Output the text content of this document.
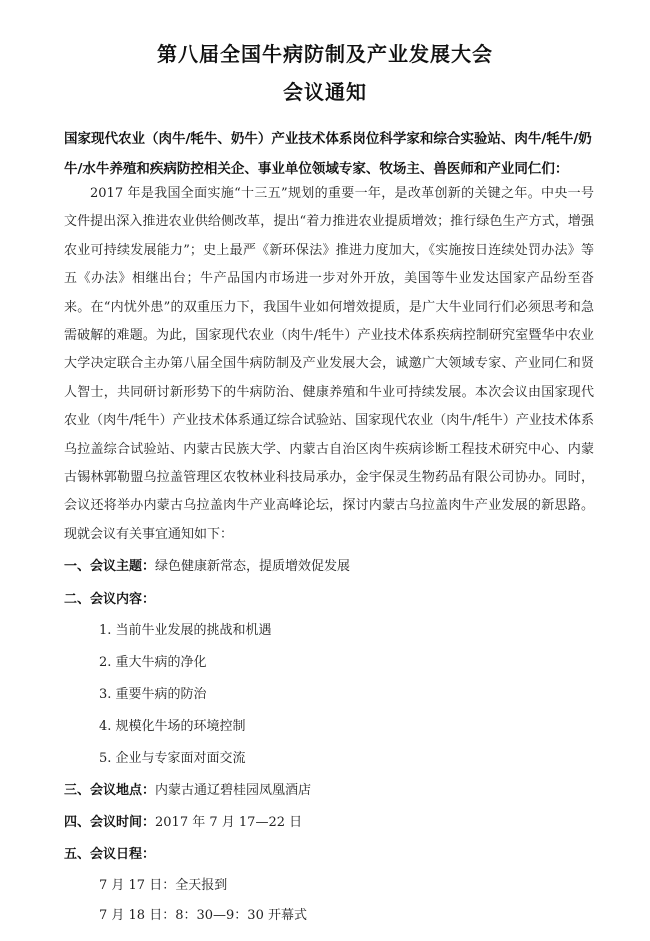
第八届全国牛病防制及产业发展大会
会议通知
国家现代农业（肉牛/牦牛、奶牛）产业技术体系岗位科学家和综合实验站、肉牛/牦牛/奶牛/水牛养殖和疾病防控相关企、事业单位领域专家、牧场主、兽医师和产业同仁们：
2017 年是我国全面实施“十三五”规划的重要一年，是改革创新的关键之年。中央一号文件提出深入推进农业供给侧改革，提出“着力推进农业提质增效；推行绿色生产方式，增强农业可持续发展能力”；史上最严《新环保法》推进力度加大，《实施按日连续处罚办法》等五《办法》相继出台；牛产品国内市场进一步对外开放，美国等牛业发达国家产品纷至沓来。在“内忧外患”的双重压力下，我国牛业如何增效提质，是广大牛业同行们必须思考和急需破解的难题。为此，国家现代农业（肉牛/牦牛）产业技术体系疾病控制研究室暨华中农业大学决定联合主办第八届全国牛病防制及产业发展大会，诚邀广大领域专家、产业同仁和贤人智士，共同研讨新形势下的牛病防治、健康养殖和牛业可持续发展。本次会议由国家现代农业（肉牛/牦牛）产业技术体系通辽综合试验站、国家现代农业（肉牛/牦牛）产业技术体系乌拉盖综合试验站、内蒙古民族大学、内蒙古自治区肉牛疾病诊断工程技术研究中心、内蒙古锡林郭勒盟乌拉盖管理区农牧林业科技局承办，金宇保灵生物药品有限公司协办。同时，会议还将举办内蒙古乌拉盖肉牛产业高峰论坛，探讨内蒙古乌拉盖肉牛产业发展的新思路。现就会议有关事宜通知如下：
一、会议主题：绿色健康新常态，提质增效促发展
二、会议内容：
1. 当前牛业发展的挑战和机遇
2. 重大牛病的净化
3. 重要牛病的防治
4. 规模化牛场的环境控制
5. 企业与专家面对面交流
三、会议地点：内蒙古通辽碧桂园凤凰酒店
四、会议时间：2017 年 7 月 17—22 日
五、会议日程：
7 月 17 日：全天报到
7 月 18 日：8：30—9：30 开幕式
